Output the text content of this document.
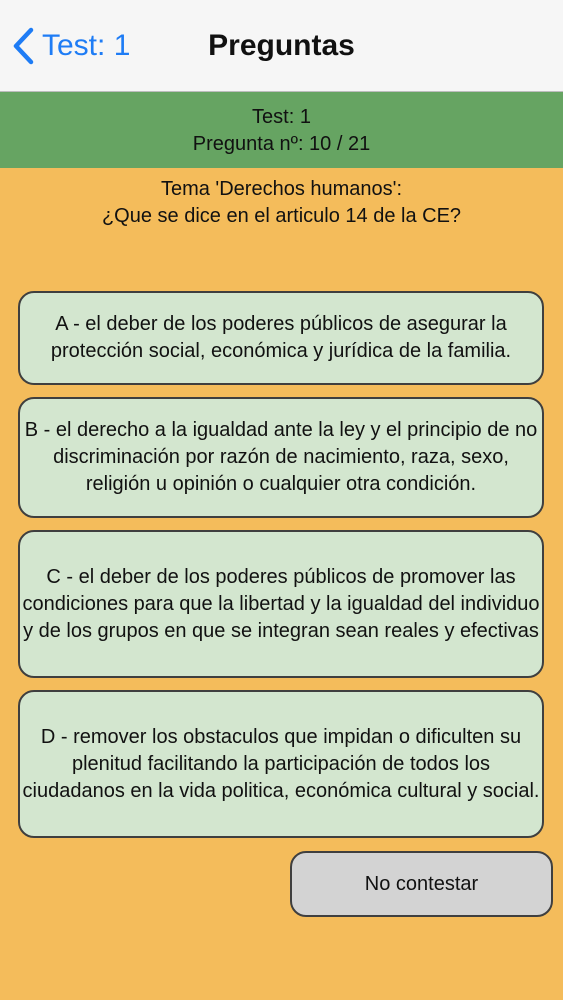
Test: 1	Preguntas
Test: 1
Pregunta nº: 10 / 21
Tema 'Derechos humanos':
¿Que se dice en el articulo 14 de la CE?
A - el deber de los poderes públicos de asegurar la protección social, económica y jurídica de la familia.
B - el derecho a la igualdad ante la ley y el principio de no discriminación por razón de nacimiento, raza, sexo, religión u opinión o cualquier otra condición.
C - el deber de los poderes públicos de promover las condiciones para que la libertad y la igualdad del individuo y de los grupos en que se integran sean reales y efectivas
D - remover los obstaculos que impidan o dificulten su plenitud facilitando la participación de todos los ciudadanos en la vida politica, económica cultural y social.
No contestar
